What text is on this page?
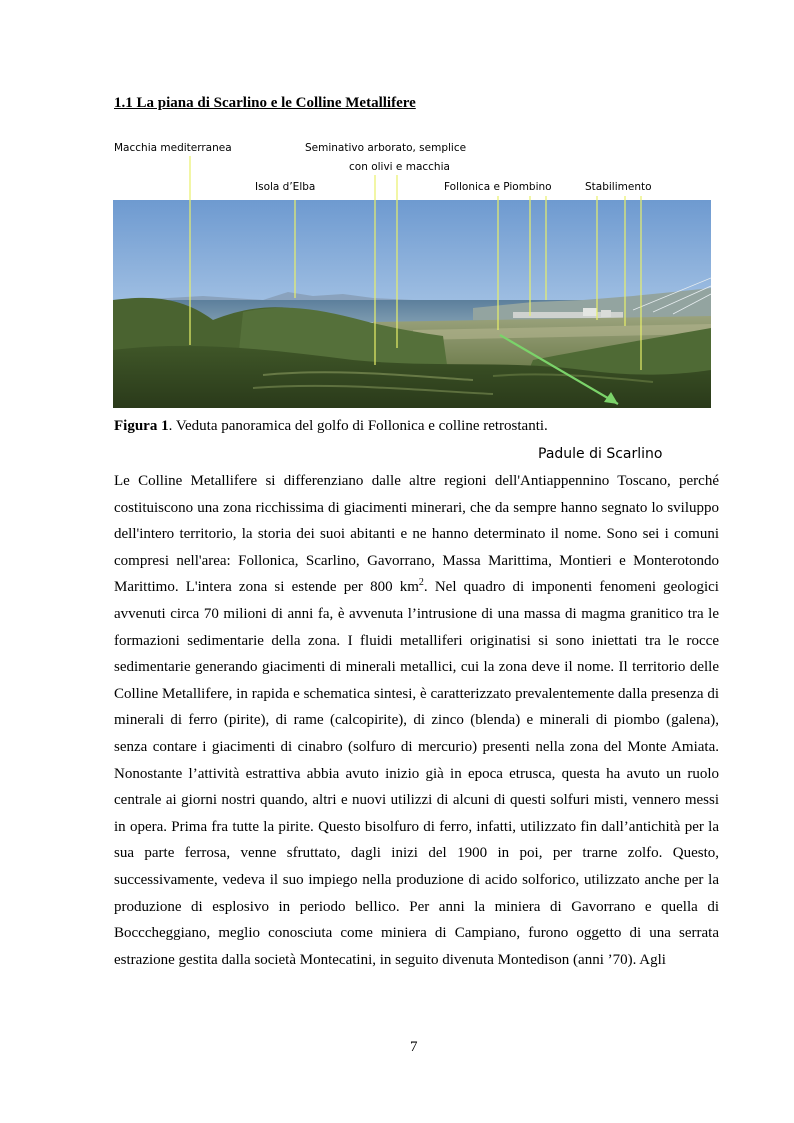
1.1 La piana di Scarlino e le Colline Metallifere
Macchia mediterranea	Seminativo arborato, semplice
con olivi e macchia
Isola d’Elba	Follonica e Piombino	Stabilimento
Figura 1. Veduta panoramica del golfo di Follonica e colline retrostanti.
Padule di Scarlino

Le Colline Metallifere si differenziano dalle altre regioni dell'Antiappennino Toscano, perché costituiscono una zona ricchissima di giacimenti minerari, che da sempre hanno segnato lo sviluppo dell'intero territorio, la storia dei suoi abitanti e ne hanno determinato il nome. Sono sei i comuni compresi nell'area: Follonica, Scarlino, Gavorrano, Massa Marittima, Montieri e Monterotondo Marittimo. L'intera zona si estende per 800 $km^2$. Nel quadro di imponenti fenomeni geologici avvenuti circa 70 milioni di anni fa, è avvenuta l’intrusione di una massa di magma granitico tra le formazioni sedimentarie della zona. I fluidi metalliferi originatisi si sono iniettati tra le rocce sedimentarie generando giacimenti di minerali metallici, cui la zona deve il nome. Il territorio delle Colline Metallifere, in rapida e schematica sintesi, è caratterizzato prevalentemente dalla presenza di minerali di ferro (pirite), di rame (calcopirite), di zinco (blenda) e minerali di piombo (galena), senza contare i giacimenti di cinabro (solfuro di mercurio) presenti nella zona del Monte Amiata. Nonostante l’attività estrattiva abbia avuto inizio già in epoca etrusca, questa ha avuto un ruolo centrale ai giorni nostri quando, altri e nuovi utilizzi di alcuni di questi solfuri misti, vennero messi in opera. Prima fra tutte la pirite. Questo bisolfuro di ferro, infatti, utilizzato fin dall’antichità per la sua parte ferrosa, venne sfruttato, dagli inizi del 1900 in poi, per trarne zolfo. Questo, successivamente, vedeva il suo impiego nella produzione di acido solforico, utilizzato anche per la produzione di esplosivo in periodo bellico. Per anni la miniera di Gavorrano e quella di Bocccheggiano, meglio conosciuta come miniera di Campiano, furono oggetto di una serrata estrazione gestita dalla società Montecatini, in seguito divenuta Montedison (anni ’70). Agli

7
